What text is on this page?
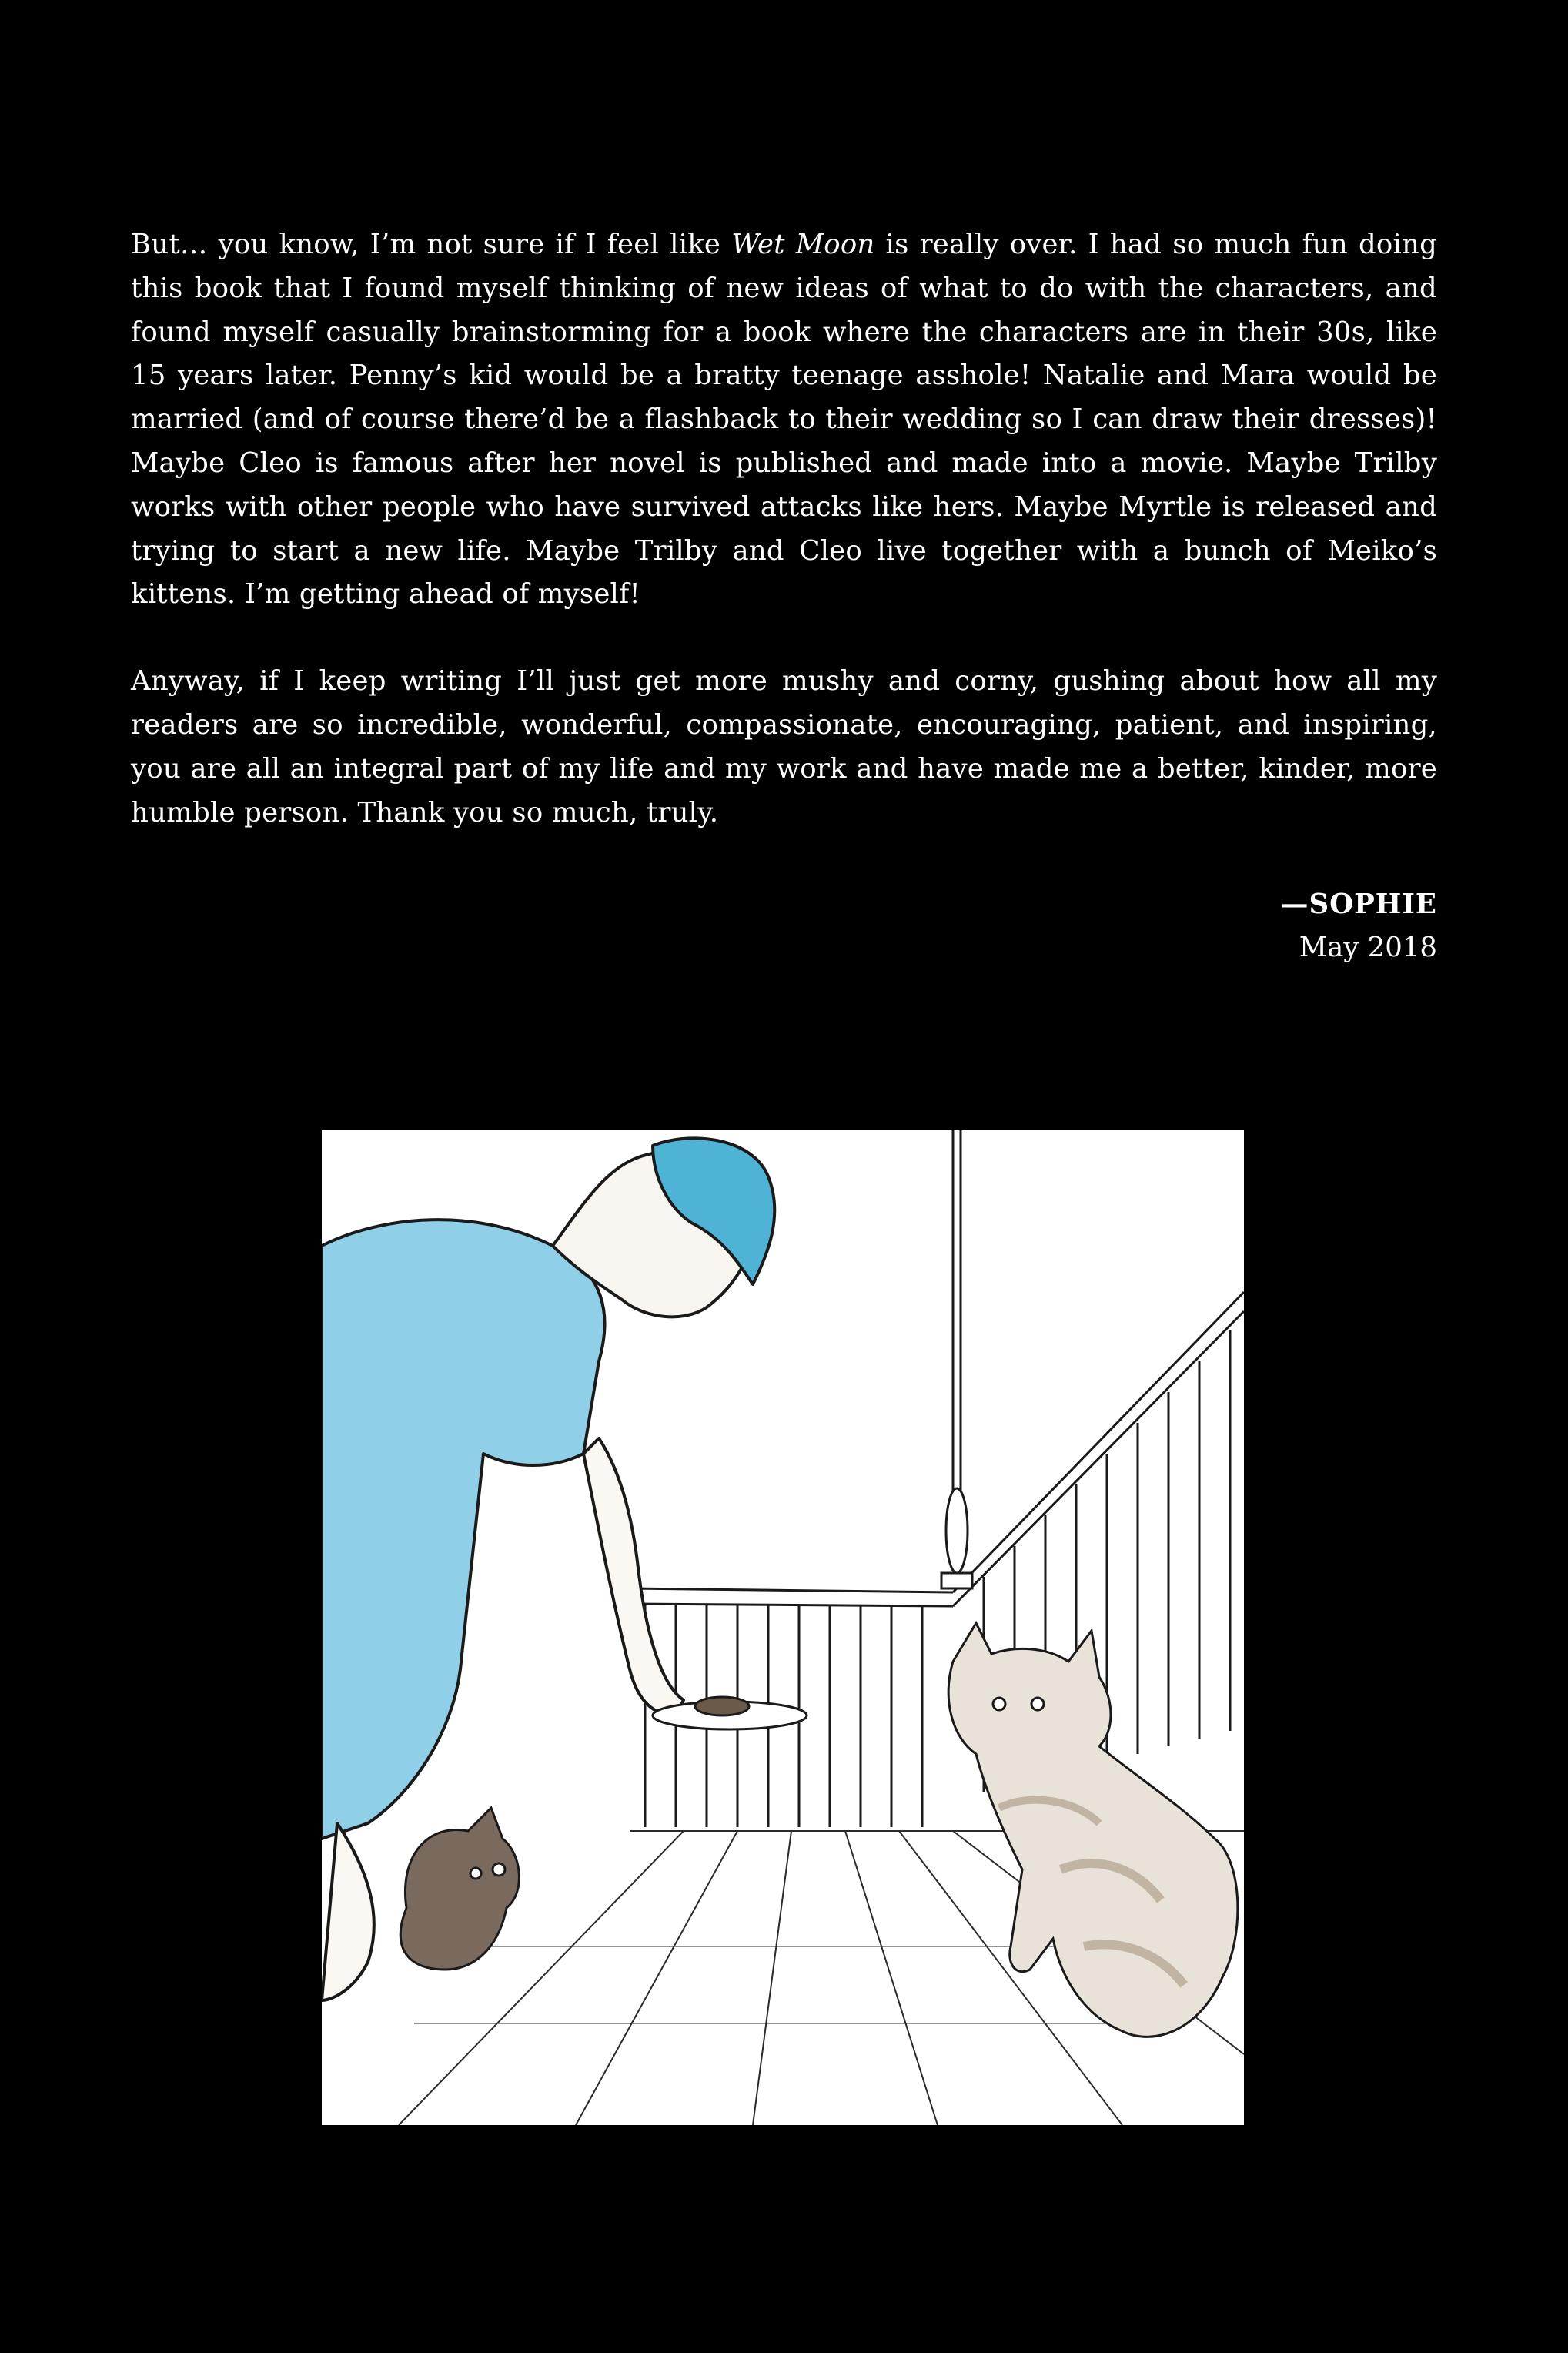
But… you know, I’m not sure if I feel like Wet Moon is really over. I had so much fun doing this book that I found myself thinking of new ideas of what to do with the characters, and found myself casually brainstorming for a book where the characters are in their 30s, like 15 years later. Penny’s kid would be a bratty teenage asshole! Natalie and Mara would be married (and of course there’d be a flashback to their wedding so I can draw their dresses)! Maybe Cleo is famous after her novel is published and made into a movie. Maybe Trilby works with other people who have survived attacks like hers. Maybe Myrtle is released and trying to start a new life. Maybe Trilby and Cleo live together with a bunch of Meiko’s kittens. I’m getting ahead of myself!

Anyway, if I keep writing I’ll just get more mushy and corny, gushing about how all my readers are so incredible, wonderful, compassionate, encouraging, patient, and inspiring, you are all an integral part of my life and my work and have made me a better, kinder, more humble person. Thank you so much, truly.

—SOPHIE
May 2018
